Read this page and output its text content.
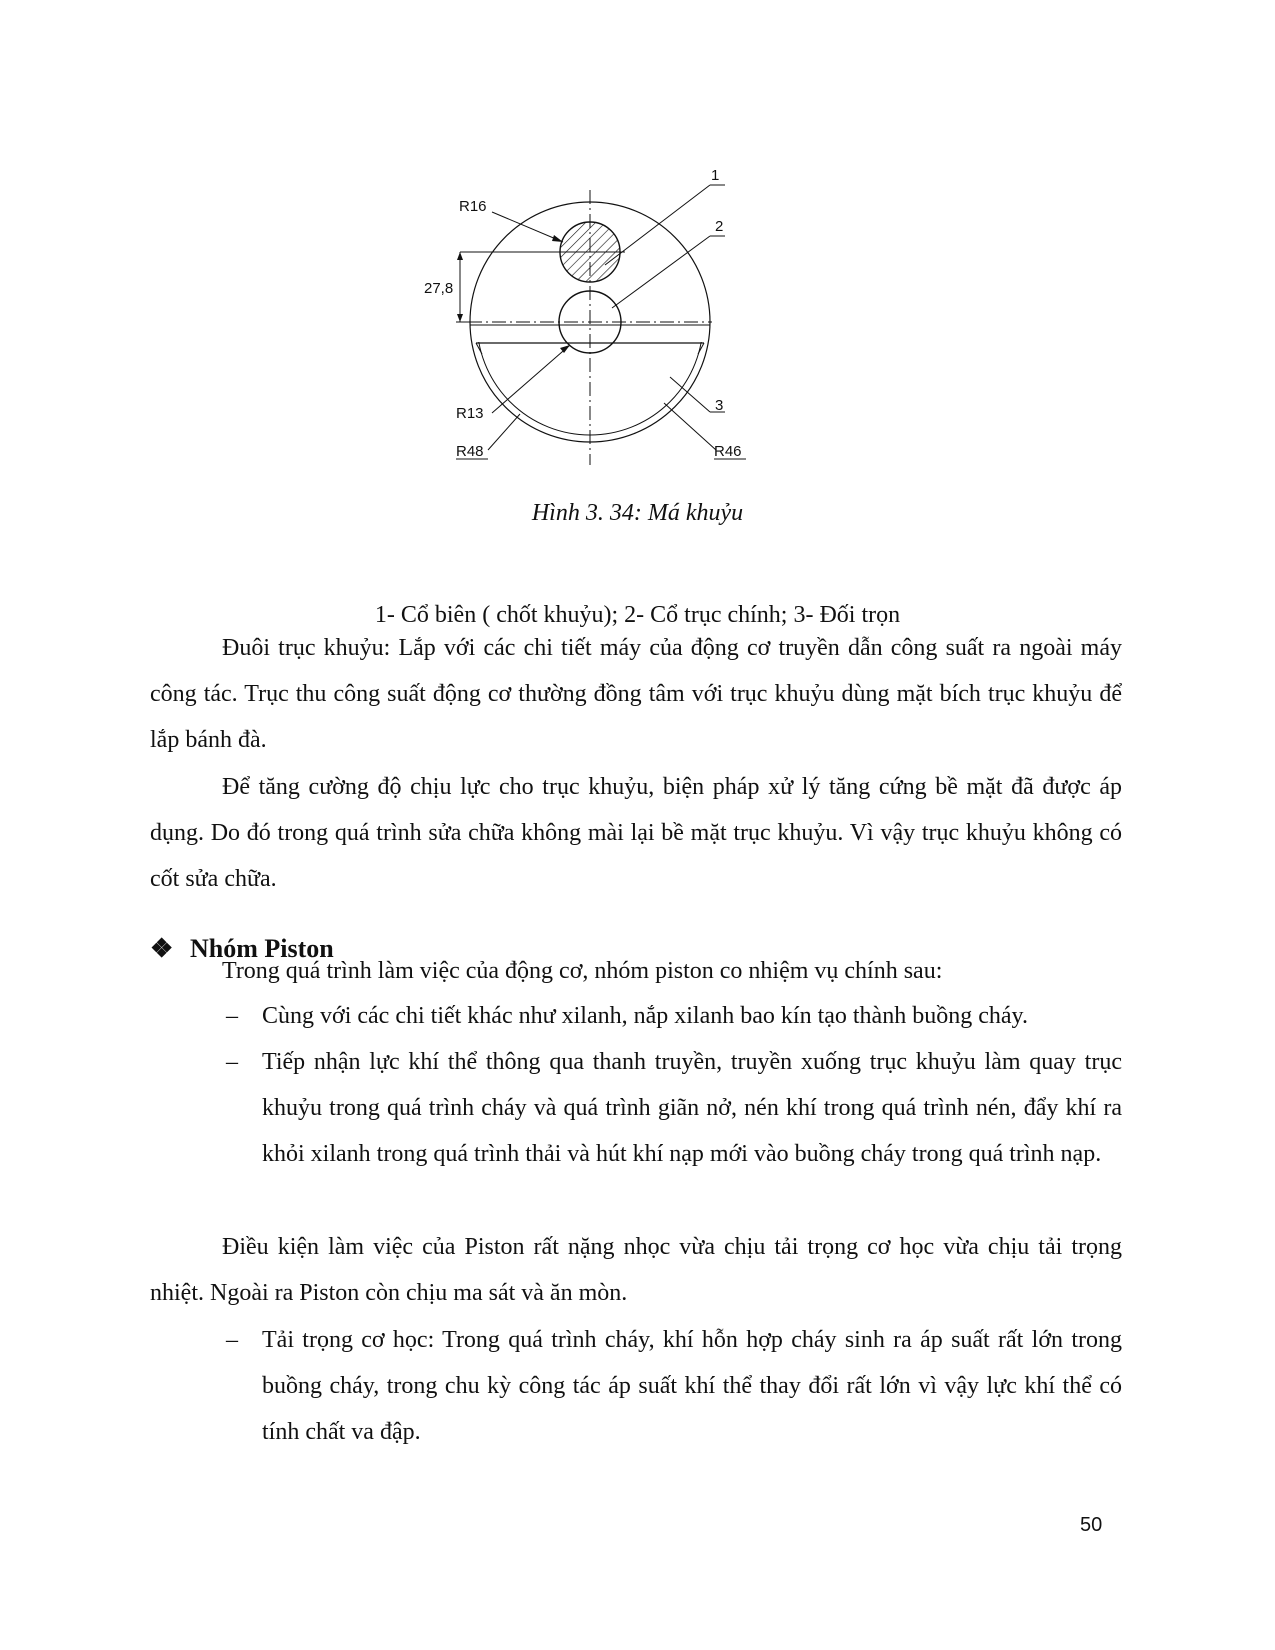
1
2
3
R16
27,8
R13
R48	R46
Hình 3. 34: Má khuỷu
1- Cổ biên ( chốt khuỷu); 2- Cổ trục chính; 3- Đối trọn

Đuôi trục khuỷu: Lắp với các chi tiết máy của động cơ truyền dẫn công suất ra ngoài máy công tác. Trục thu công suất động cơ thường đồng tâm với trục khuỷu dùng mặt bích trục khuỷu để lắp bánh đà.

Để tăng cường độ chịu lực cho trục khuỷu, biện pháp xử lý tăng cứng bề mặt đã được áp dụng. Do đó trong quá trình sửa chữa không mài lại bề mặt trục khuỷu. Vì vậy trục khuỷu không có cốt sửa chữa.

❖ Nhóm Piston

Trong quá trình làm việc của động cơ, nhóm piston co nhiệm vụ chính sau:

– Cùng với các chi tiết khác như xilanh, nắp xilanh bao kín tạo thành buồng cháy.

– Tiếp nhận lực khí thể thông qua thanh truyền, truyền xuống trục khuỷu làm quay trục khuỷu trong quá trình cháy và quá trình giãn nở, nén khí trong quá trình nén, đẩy khí ra khỏi xilanh trong quá trình thải và hút khí nạp mới vào buồng cháy trong quá trình nạp.

Điều kiện làm việc của Piston rất nặng nhọc vừa chịu tải trọng cơ học vừa chịu tải trọng nhiệt. Ngoài ra Piston còn chịu ma sát và ăn mòn.

– Tải trọng cơ học: Trong quá trình cháy, khí hỗn hợp cháy sinh ra áp suất rất lớn trong buồng cháy, trong chu kỳ công tác áp suất khí thể thay đổi rất lớn vì vậy lực khí thể có tính chất va đập.

50
